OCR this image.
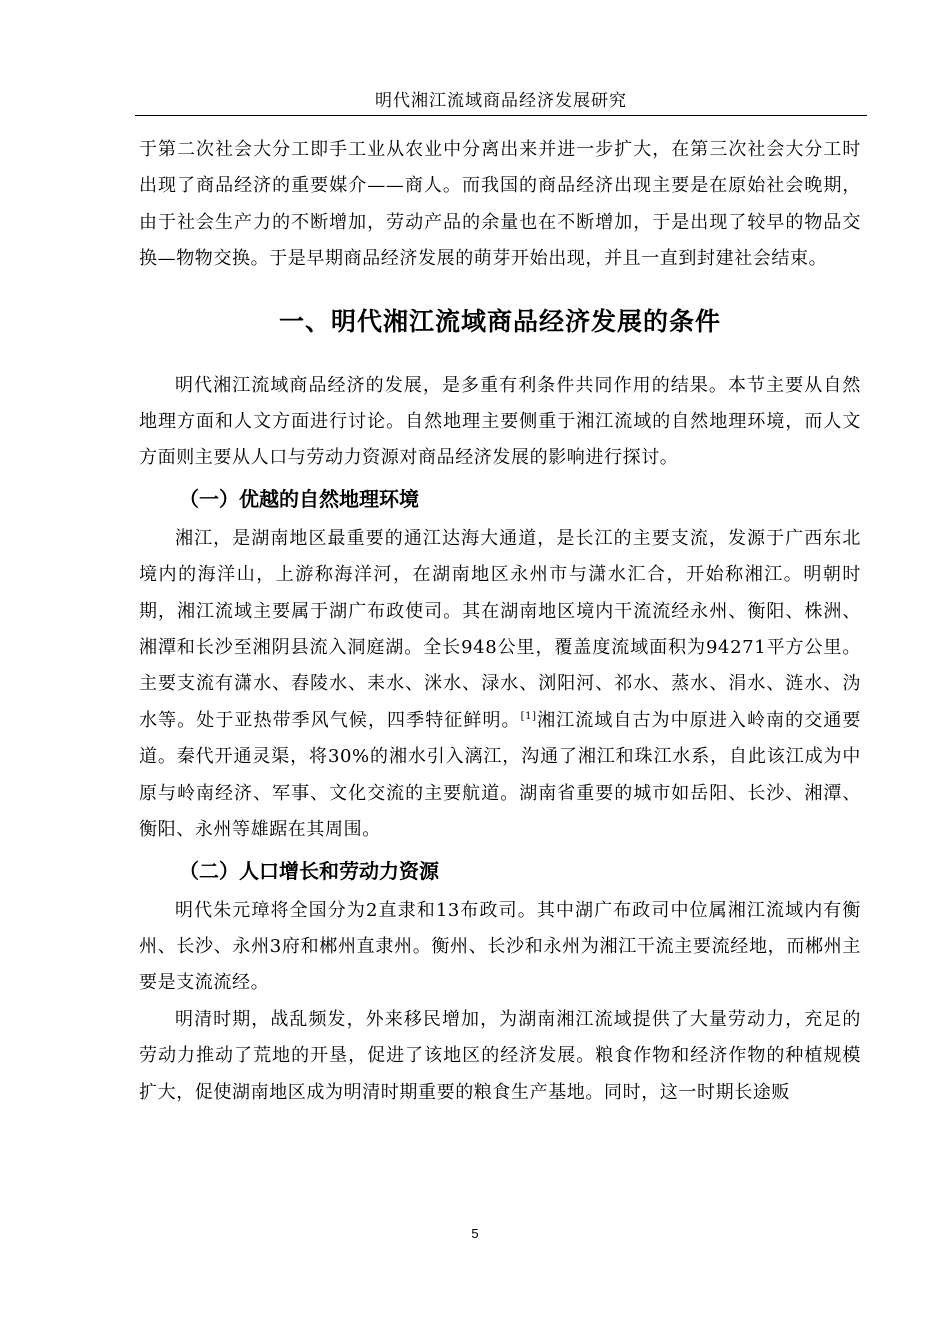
明代湘江流域商品经济发展研究

于第二次社会大分工即手工业从农业中分离出来并进一步扩大，在第三次社会大分工时出现了商品经济的重要媒介——商人。而我国的商品经济出现主要是在原始社会晚期，由于社会生产力的不断增加，劳动产品的余量也在不断增加，于是出现了较早的物品交换—物物交换。于是早期商品经济发展的萌芽开始出现，并且一直到封建社会结束。

一、明代湘江流域商品经济发展的条件

明代湘江流域商品经济的发展，是多重有利条件共同作用的结果。本节主要从自然地理方面和人文方面进行讨论。自然地理主要侧重于湘江流域的自然地理环境，而人文方面则主要从人口与劳动力资源对商品经济发展的影响进行探讨。

（一）优越的自然地理环境

湘江，是湖南地区最重要的通江达海大通道，是长江的主要支流，发源于广西东北境内的海洋山，上游称海洋河，在湖南地区永州市与潇水汇合，开始称湘江。明朝时期，湘江流域主要属于湖广布政使司。其在湖南地区境内干流流经永州、衡阳、株洲、湘潭和长沙至湘阴县流入洞庭湖。全长948公里，覆盖度流域面积为94271平方公里。主要支流有潇水、舂陵水、耒水、洣水、渌水、浏阳河、祁水、蒸水、涓水、涟水、沩水等。处于亚热带季风气候，四季特征鲜明。[1]湘江流域自古为中原进入岭南的交通要道。秦代开通灵渠，将30%的湘水引入漓江，沟通了湘江和珠江水系，自此该江成为中原与岭南经济、军事、文化交流的主要航道。湖南省重要的城市如岳阳、长沙、湘潭、衡阳、永州等雄踞在其周围。

（二）人口增长和劳动力资源

明代朱元璋将全国分为2直隶和13布政司。其中湖广布政司中位属湘江流域内有衡州、长沙、永州3府和郴州直隶州。衡州、长沙和永州为湘江干流主要流经地，而郴州主要是支流流经。

明清时期，战乱频发，外来移民增加，为湖南湘江流域提供了大量劳动力，充足的劳动力推动了荒地的开垦，促进了该地区的经济发展。粮食作物和经济作物的种植规模扩大，促使湖南地区成为明清时期重要的粮食生产基地。同时，这一时期长途贩

5
